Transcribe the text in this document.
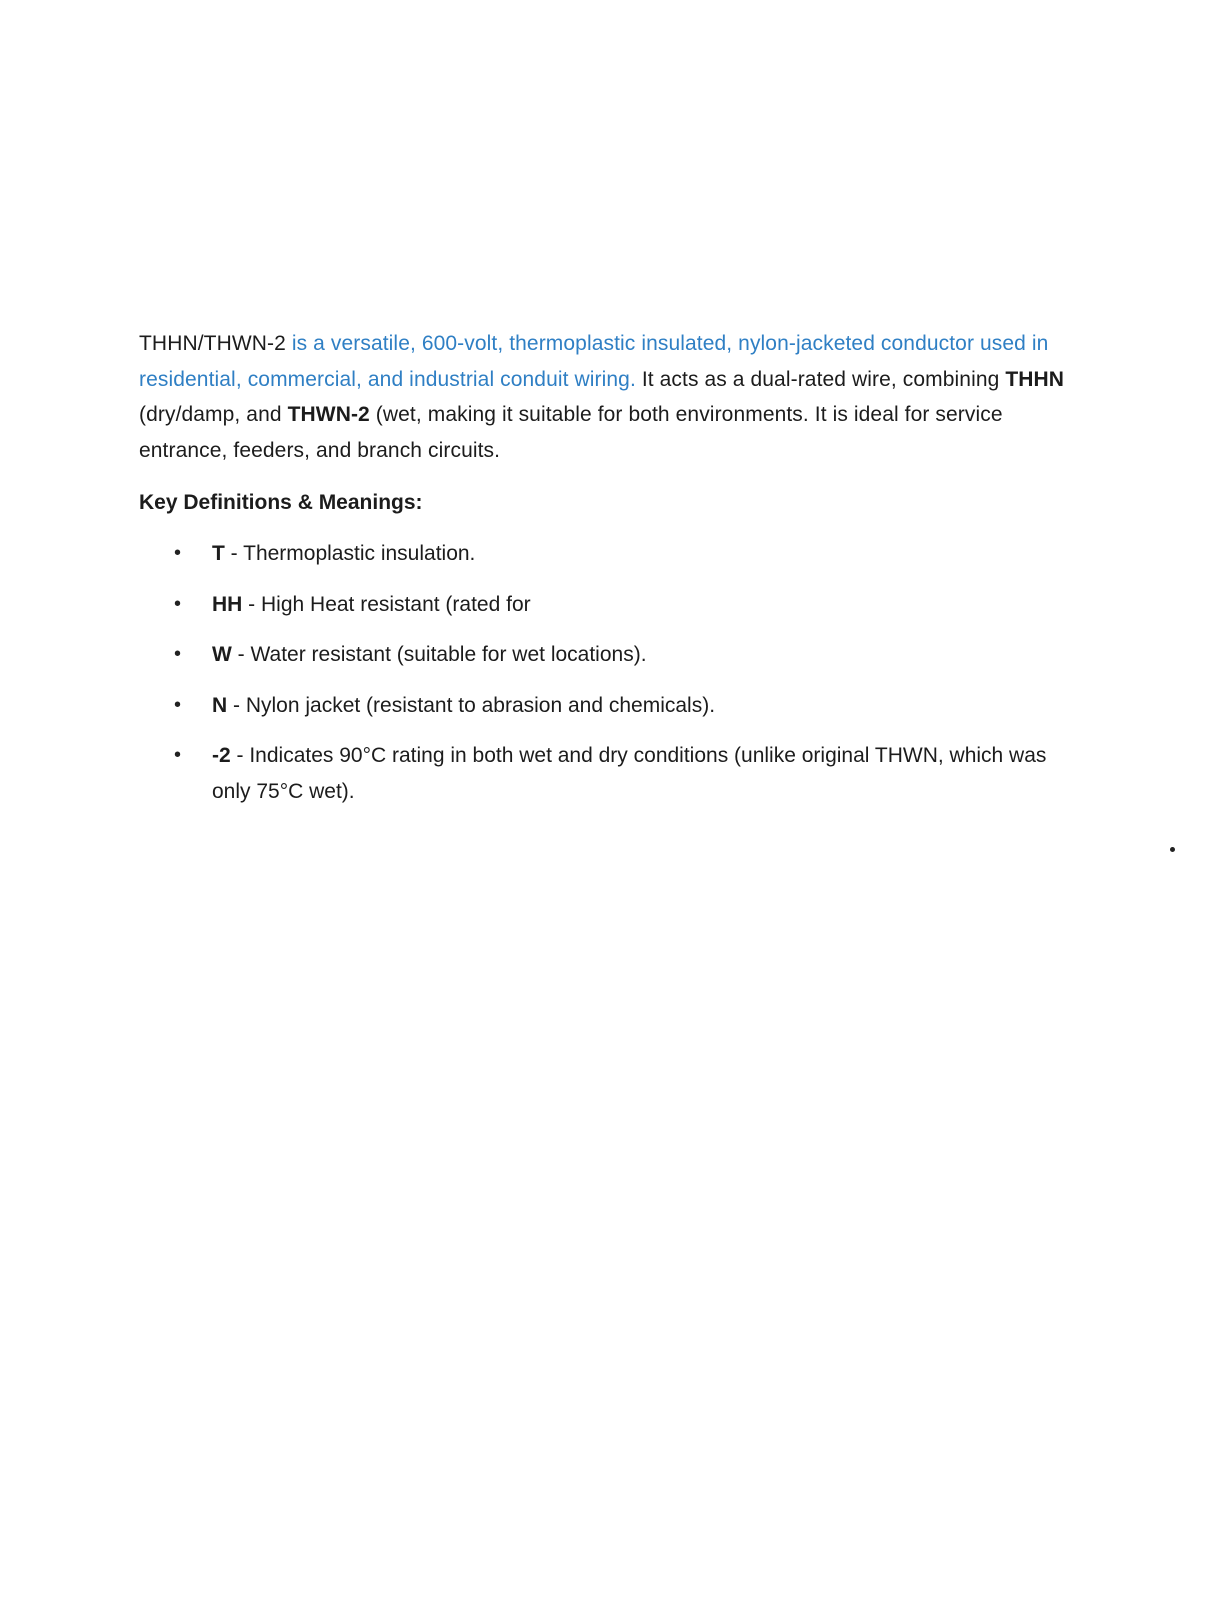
THHN/THWN-2 is a versatile, 600-volt, thermoplastic insulated, nylon-jacketed conductor used in residential, commercial, and industrial conduit wiring. It acts as a dual-rated wire, combining THHN (dry/damp, and THWN-2 (wet, making it suitable for both environments. It is ideal for service entrance, feeders, and branch circuits.

Key Definitions & Meanings:

• T - Thermoplastic insulation.
• HH - High Heat resistant (rated for
• W - Water resistant (suitable for wet locations).
• N - Nylon jacket (resistant to abrasion and chemicals).
• -2 - Indicates 90°C rating in both wet and dry conditions (unlike original THWN, which was only 75°C wet).
